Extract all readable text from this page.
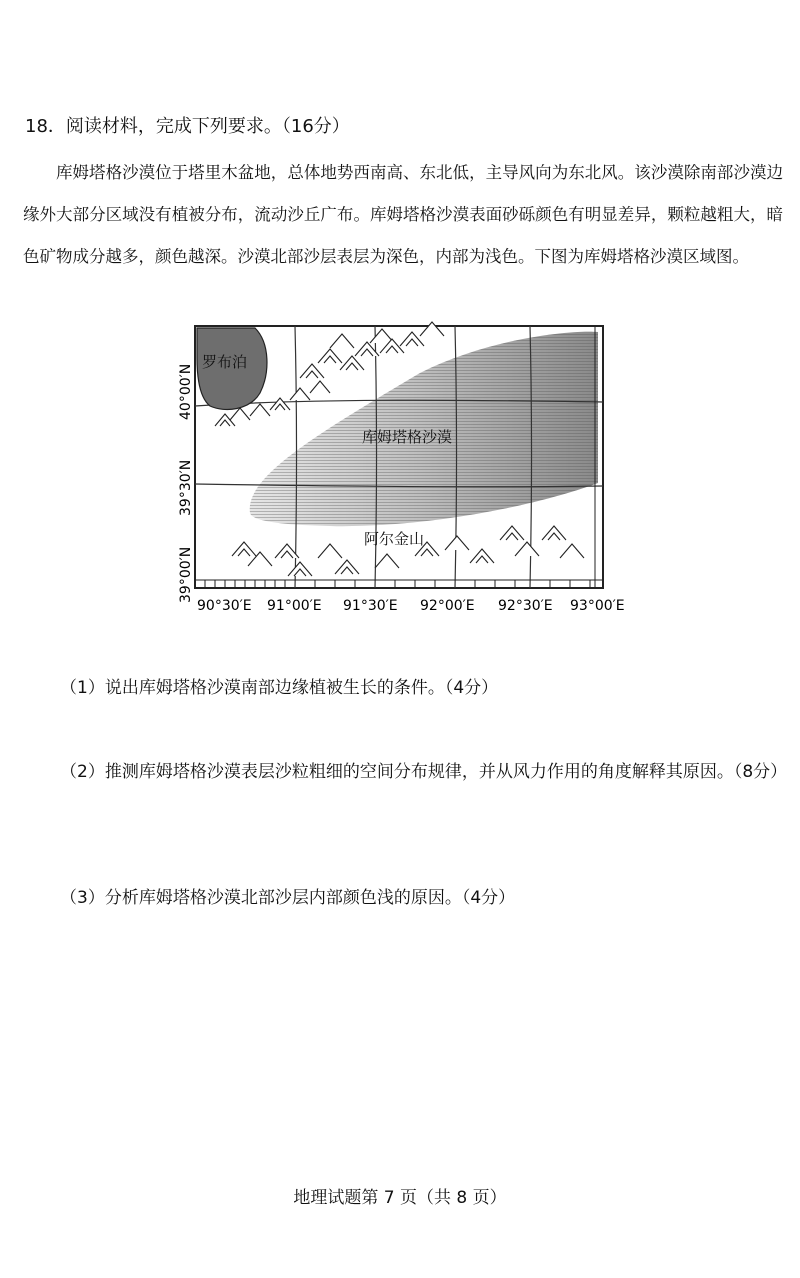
18．阅读材料，完成下列要求。（16分）

库姆塔格沙漠位于塔里木盆地，总体地势西南高、东北低，主导风向为东北风。该沙漠除南部沙漠边缘外大部分区域没有植被分布，流动沙丘广布。库姆塔格沙漠表面砂砾颜色有明显差异，颗粒越粗大，暗色矿物成分越多，颜色越深。沙漠北部沙层表层为深色，内部为浅色。下图为库姆塔格沙漠区域图。

罗布泊
库姆塔格沙漠
阿尔金山
40°00′N
39°30′N
39°00′N
90°30′E 91°00′E 91°30′E 92°00′E 92°30′E 93°00′E
（1）说出库姆塔格沙漠南部边缘植被生长的条件。（4分）
（2）推测库姆塔格沙漠表层沙粒粗细的空间分布规律，并从风力作用的角度解释其原因。（8分）
（3）分析库姆塔格沙漠北部沙层内部颜色浅的原因。（4分）
地理试题第 7 页（共 8 页）
